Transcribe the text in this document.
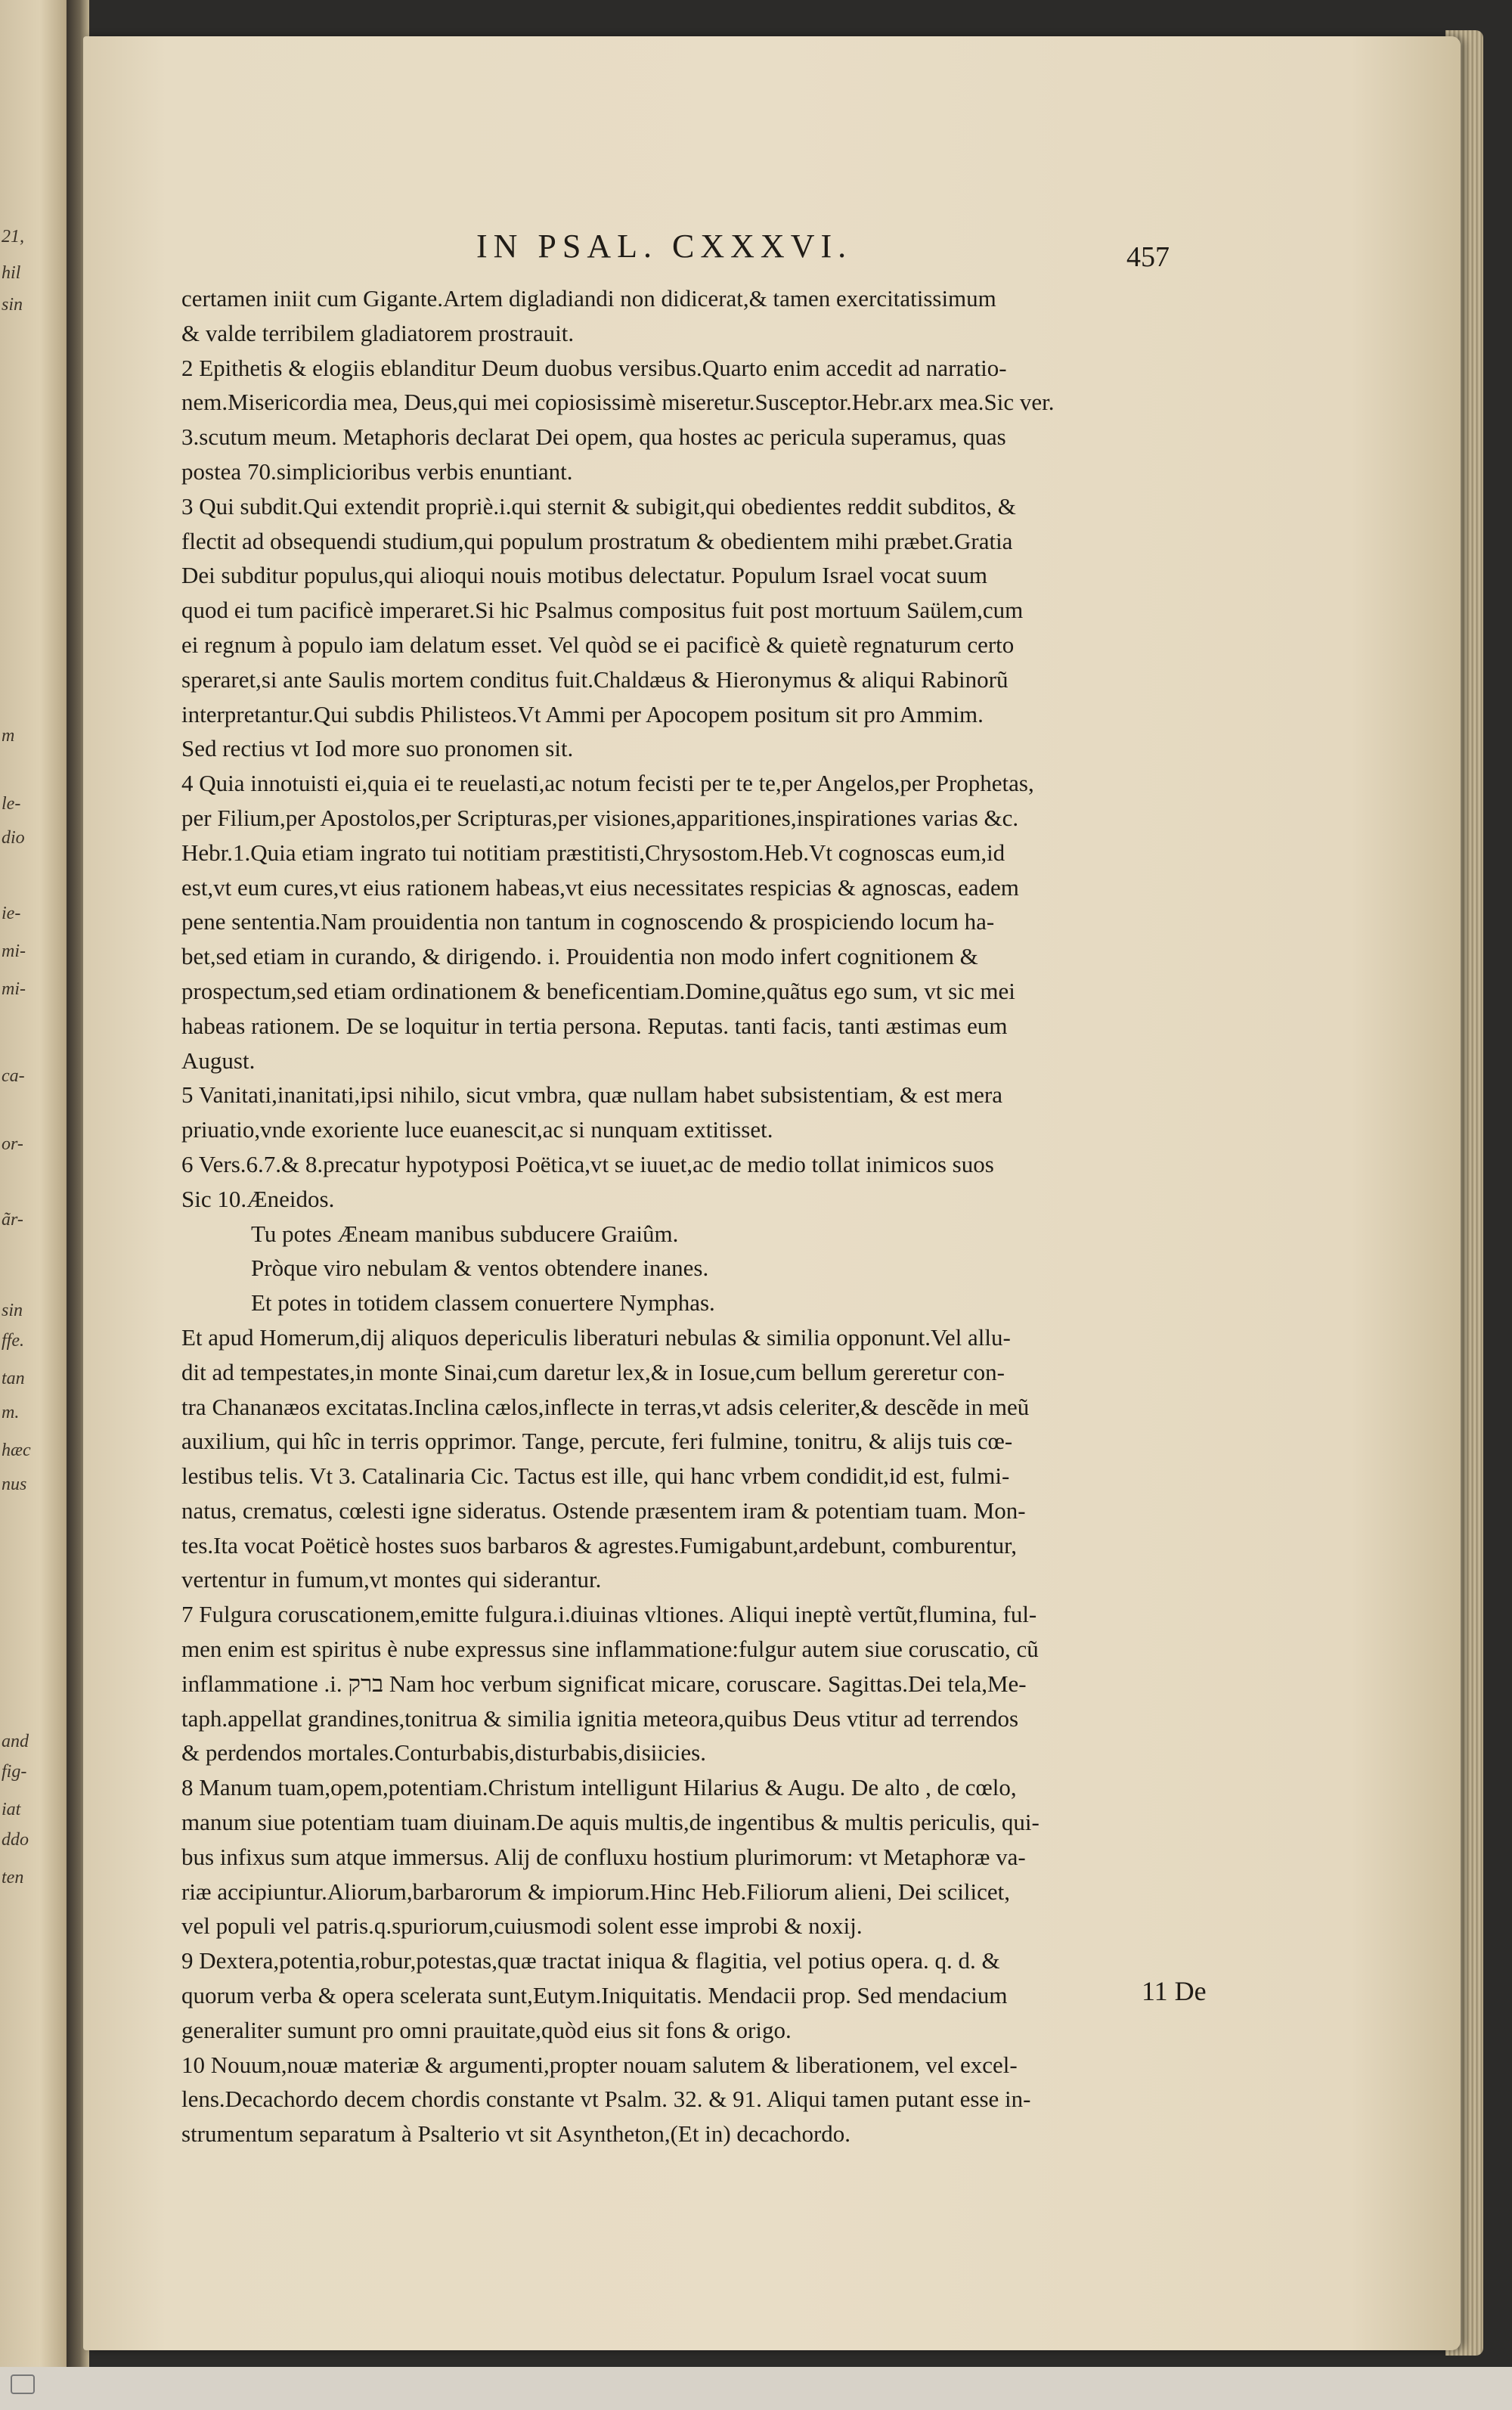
21,
hil
sin
m
le-
dio
ie-
mi-
mi-
ca-
or-
ãr-
sin
ffe.
tan
m.
hæc
nus
and
fig-
iat
ddo
ten
IN PSAL. CXXXVI.	457

certamen iniit cum Gigante.Artem digladiandi non didicerat,& tamen exercitatissimum

& valde terribilem gladiatorem prostrauit.

2 Epithetis & elogiis eblanditur Deum duobus versibus.Quarto enim accedit ad narratio-

nem.Misericordia mea, Deus,qui mei copiosissimè miseretur.Susceptor.Hebr.arx mea.Sic ver.

3.scutum meum. Metaphoris declarat Dei opem, qua hostes ac pericula superamus, quas

postea 70.simplicioribus verbis enuntiant.

3 Qui subdit.Qui extendit propriè.i.qui sternit & subigit,qui obedientes reddit subditos, &

flectit ad obsequendi studium,qui populum prostratum & obedientem mihi præbet.Gratia

Dei subditur populus,qui alioqui nouis motibus delectatur. Populum Israel vocat suum

quod ei tum pacificè imperaret.Si hic Psalmus compositus fuit post mortuum Saülem,cum

ei regnum à populo iam delatum esset. Vel quòd se ei pacificè & quietè regnaturum certo

speraret,si ante Saulis mortem conditus fuit.Chaldæus & Hieronymus & aliqui Rabinorũ

interpretantur.Qui subdis Philisteos.Vt Ammi per Apocopem positum sit pro Ammim.

Sed rectius vt Iod more suo pronomen sit.

4 Quia innotuisti ei,quia ei te reuelasti,ac notum fecisti per te te,per Angelos,per Prophetas,

per Filium,per Apostolos,per Scripturas,per visiones,apparitiones,inspirationes varias &c.

Hebr.1.Quia etiam ingrato tui notitiam præstitisti,Chrysostom.Heb.Vt cognoscas eum,id

est,vt eum cures,vt eius rationem habeas,vt eius necessitates respicias & agnoscas, eadem

pene sententia.Nam prouidentia non tantum in cognoscendo & prospiciendo locum ha-

bet,sed etiam in curando, & dirigendo. i. Prouidentia non modo infert cognitionem &

prospectum,sed etiam ordinationem & beneficentiam.Domine,quãtus ego sum, vt sic mei

habeas rationem. De se loquitur in tertia persona. Reputas. tanti facis, tanti æstimas eum

August.

5 Vanitati,inanitati,ipsi nihilo, sicut vmbra, quæ nullam habet subsistentiam, & est mera

priuatio,vnde exoriente luce euanescit,ac si nunquam extitisset.

6 Vers.6.7.& 8.precatur hypotyposi Poëtica,vt se iuuet,ac de medio tollat inimicos suos

Sic 10.Æneidos.

Tu potes Æneam manibus subducere Graiûm.

Pròque viro nebulam & ventos obtendere inanes.

Et potes in totidem classem conuertere Nymphas.

Et apud Homerum,dij aliquos depericulis liberaturi nebulas & similia opponunt.Vel allu-

dit ad tempestates,in monte Sinai,cum daretur lex,& in Iosue,cum bellum gereretur con-

tra Chananæos excitatas.Inclina cælos,inflecte in terras,vt adsis celeriter,& descẽde in meũ

auxilium, qui hîc in terris opprimor. Tange, percute, feri fulmine, tonitru, & alijs tuis cœ-

lestibus telis. Vt 3. Catalinaria Cic. Tactus est ille, qui hanc vrbem condidit,id est, fulmi-

natus, crematus, cœlesti igne sideratus. Ostende præsentem iram & potentiam tuam. Mon-

tes.Ita vocat Poëticè hostes suos barbaros & agrestes.Fumigabunt,ardebunt, comburentur,

vertentur in fumum,vt montes qui siderantur.

7 Fulgura coruscationem,emitte fulgura.i.diuinas vltiones. Aliqui ineptè vertũt,flumina, ful-

men enim est spiritus è nube expressus sine inflammatione:fulgur autem siue coruscatio, cũ

inflammatione .i. ברק Nam hoc verbum significat micare, coruscare. Sagittas.Dei tela,Me-

taph.appellat grandines,tonitrua & similia ignitia meteora,quibus Deus vtitur ad terrendos

& perdendos mortales.Conturbabis,disturbabis,disiicies.

8 Manum tuam,opem,potentiam.Christum intelligunt Hilarius & Augu. De alto , de cœlo,

manum siue potentiam tuam diuinam.De aquis multis,de ingentibus & multis periculis, qui-

bus infixus sum atque immersus. Alij de confluxu hostium plurimorum: vt Metaphoræ va-

riæ accipiuntur.Aliorum,barbarorum & impiorum.Hinc Heb.Filiorum alieni, Dei scilicet,

vel populi vel patris.q.spuriorum,cuiusmodi solent esse improbi & noxij.

9 Dextera,potentia,robur,potestas,quæ tractat iniqua & flagitia, vel potius opera. q. d. &

quorum verba & opera scelerata sunt,Eutym.Iniquitatis. Mendacii prop. Sed mendacium

generaliter sumunt pro omni prauitate,quòd eius sit fons & origo.

10 Nouum,nouæ materiæ & argumenti,propter nouam salutem & liberationem, vel excel-

lens.Decachordo decem chordis constante vt Psalm. 32. & 91. Aliqui tamen putant esse in-

strumentum separatum à Psalterio vt sit Asyntheton,(Et in) decachordo.

11 De
